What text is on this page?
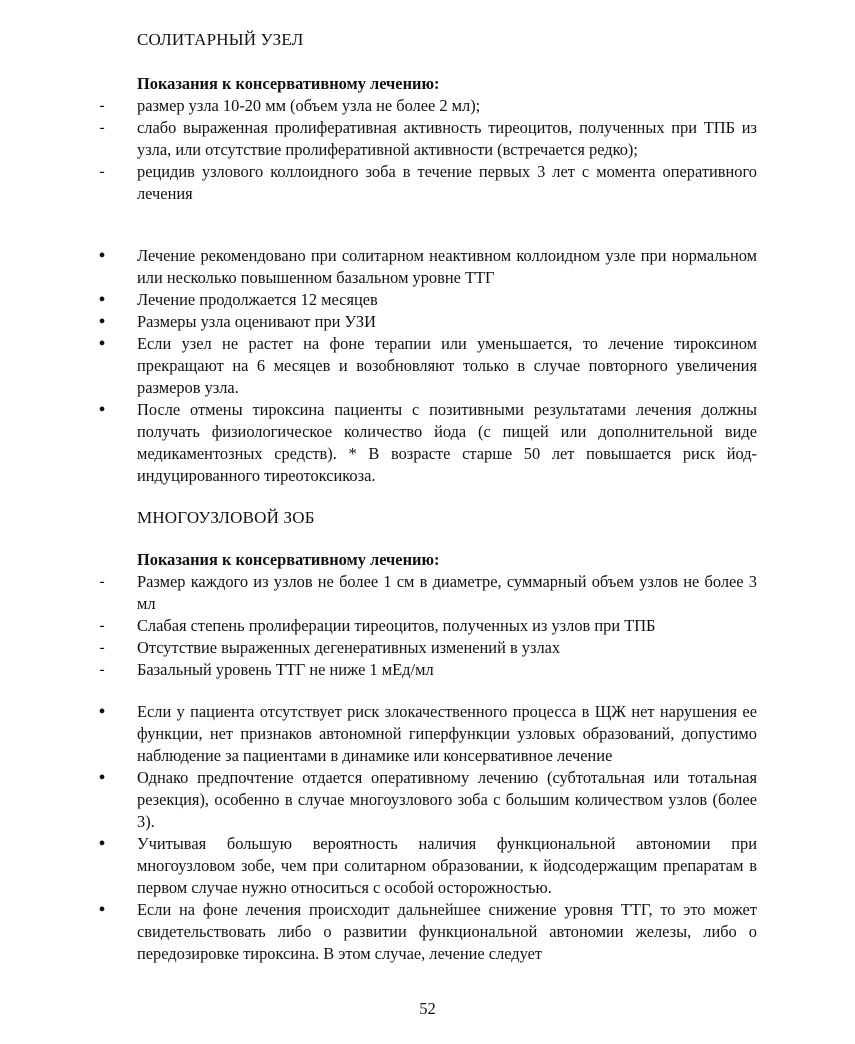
СОЛИТАРНЫЙ УЗЕЛ
Показания к консервативному лечению:
-	размер узла 10-20 мм (объем узла не более 2 мл);
-	слабо выраженная пролиферативная активность тиреоцитов, полученных при ТПБ из узла, или отсутствие пролиферативной активности (встречается редко);
-	рецидив узлового коллоидного зоба в течение первых 3 лет с момента оперативного лечения
•	Лечение рекомендовано при солитарном неактивном коллоидном узле при нормальном или несколько повышенном базальном уровне ТТГ
•	Лечение продолжается 12 месяцев
•	Размеры узла оценивают при УЗИ
•	Если узел не растет на фоне терапии или уменьшается, то лечение тироксином прекращают на 6 месяцев и возобновляют только в случае повторного увеличения размеров узла.
•	После отмены тироксина пациенты с позитивными результатами лечения должны получать физиологическое количество йода (с пищей или дополнительной виде медикаментозных средств). * В возрасте старше 50 лет повышается риск йод-индуцированного тиреотоксикоза.
МНОГОУЗЛОВОЙ ЗОБ
Показания к консервативному лечению:
-	Размер каждого из узлов не более 1 см в диаметре, суммарный объем узлов не более 3 мл
-	Слабая степень пролиферации тиреоцитов, полученных из узлов при ТПБ
-	Отсутствие выраженных дегенеративных изменений в узлах
-	Базальный уровень ТТГ не ниже 1 мЕд/мл
•	Если у пациента отсутствует риск злокачественного процесса в ЩЖ нет нарушения ее функции, нет признаков автономной гиперфункции узловых образований, допустимо наблюдение за пациентами в динамике или консервативное лечение
•	Однако предпочтение отдается оперативному лечению (субтотальная или тотальная резекция), особенно в случае многоузлового зоба с большим количеством узлов (более 3).
•	Учитывая большую вероятность наличия функциональной автономии при многоузловом зобе, чем при солитарном образовании, к йодсодержащим препаратам в первом случае нужно относиться с особой осторожностью.
•	Если на фоне лечения происходит дальнейшее снижение уровня ТТГ, то это может свидетельствовать либо о развитии функциональной автономии железы, либо о передозировке тироксина. В этом случае, лечение следует
52
